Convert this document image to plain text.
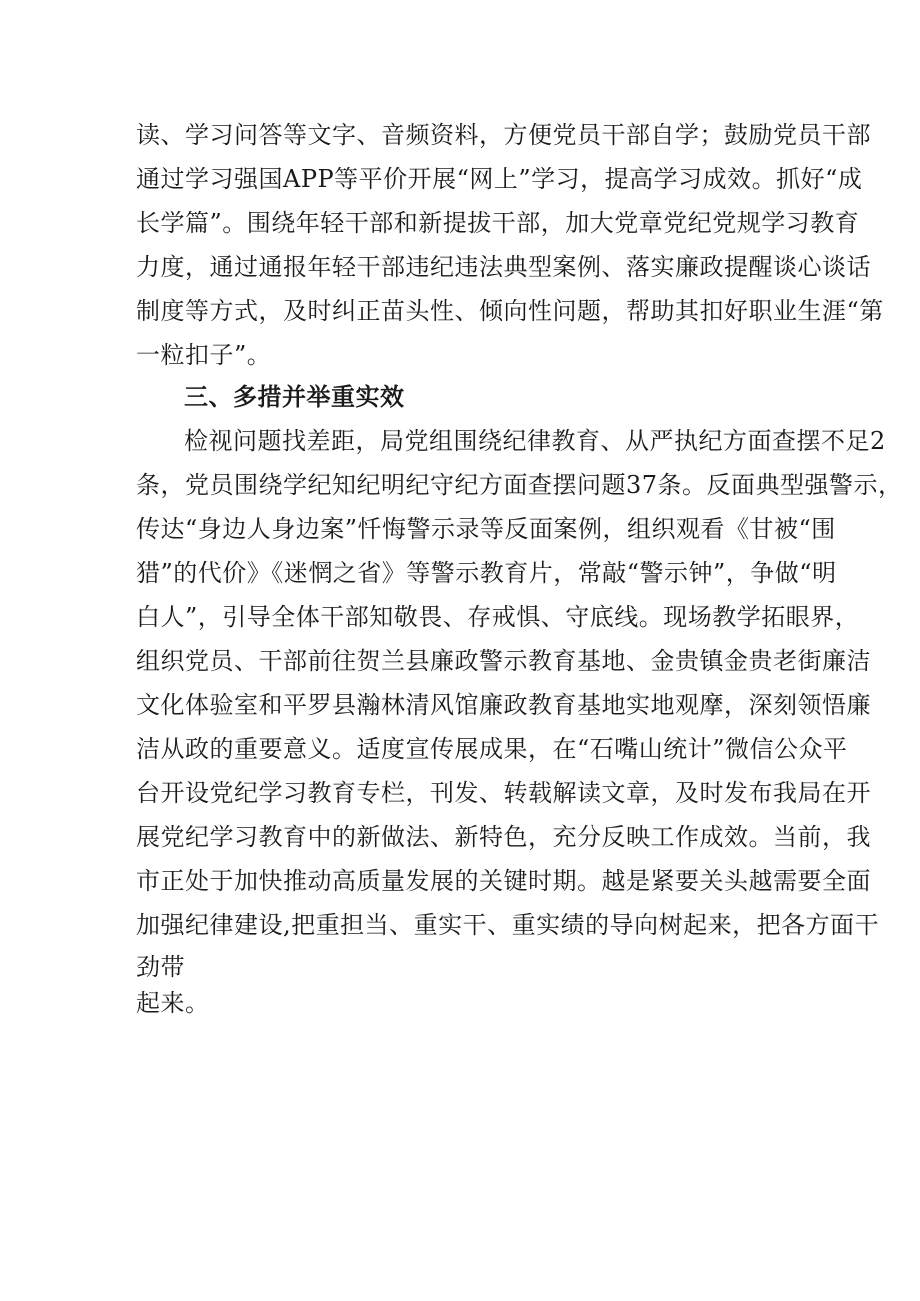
读、学习问答等文字、音频资料，方便党员干部自学；鼓励党员干部
通过学习强国APP等平价开展“网上”学习，提高学习成效。抓好“成
长学篇”。围绕年轻干部和新提拔干部，加大党章党纪党规学习教育
力度，通过通报年轻干部违纪违法典型案例、落实廉政提醒谈心谈话
制度等方式，及时纠正苗头性、倾向性问题，帮助其扣好职业生涯“第
一粒扣子”。
三、多措并举重实效
检视问题找差距，局党组围绕纪律教育、从严执纪方面查摆不足2
条，党员围绕学纪知纪明纪守纪方面查摆问题37条。反面典型强警示，
传达“身边人身边案”忏悔警示录等反面案例，组织观看《甘被“围
猎”的代价》《迷惘之省》等警示教育片，常敲“警示钟”，争做“明
白人”，引导全体干部知敬畏、存戒惧、守底线。现场教学拓眼界，
组织党员、干部前往贺兰县廉政警示教育基地、金贵镇金贵老街廉洁
文化体验室和平罗县瀚林清风馆廉政教育基地实地观摩，深刻领悟廉
洁从政的重要意义。适度宣传展成果，在“石嘴山统计”微信公众平
台开设党纪学习教育专栏，刊发、转载解读文章，及时发布我局在开
展党纪学习教育中的新做法、新特色，充分反映工作成效。当前，我
市正处于加快推动高质量发展的关键时期。越是紧要关头越需要全面
加强纪律建设,把重担当、重实干、重实绩的导向树起来，把各方面干
劲带
起来。
